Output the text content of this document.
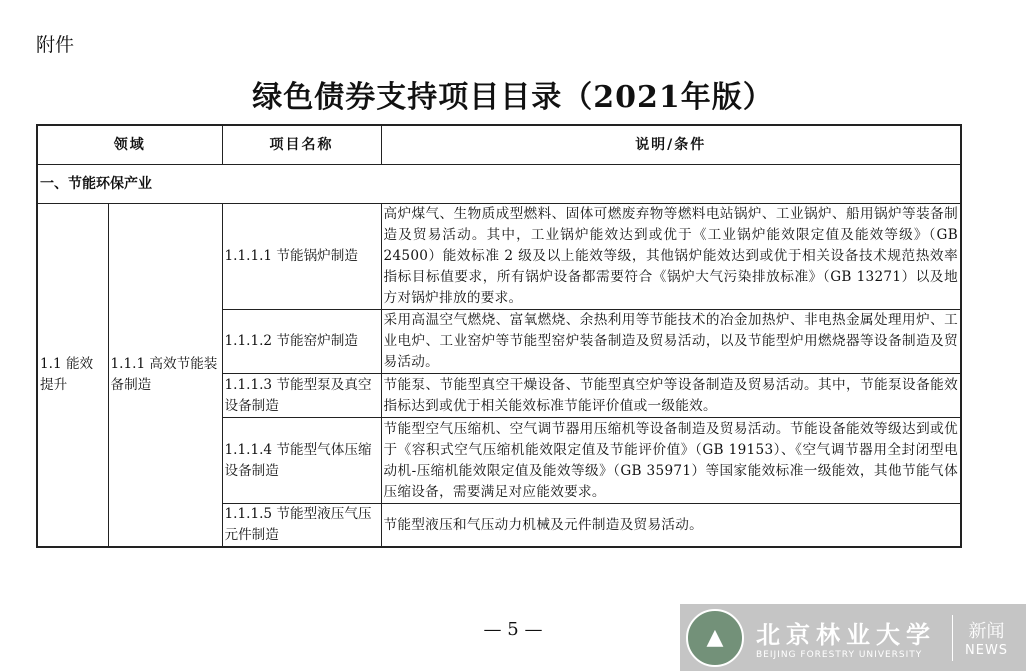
附件
绿色债券支持项目目录（2021年版）
领域		项目名称	说明/条件
一、节能环保产业			
1.1 能效提升	1.1.1 高效节能装备制造	1.1.1.1 节能锅炉制造	高炉煤气、生物质成型燃料、固体可燃废弃物等燃料电站锅炉、工业锅炉、船用锅炉等装备制造及贸易活动。其中，工业锅炉能效达到或优于《工业锅炉能效限定值及能效等级》（GB 24500）能效标准 2 级及以上能效等级，其他锅炉能效达到或优于相关设备技术规范热效率指标目标值要求，所有锅炉设备都需要符合《锅炉大气污染排放标准》（GB 13271）以及地方对锅炉排放的要求。
		1.1.1.2 节能窑炉制造	采用高温空气燃烧、富氧燃烧、余热利用等节能技术的冶金加热炉、非电热金属处理用炉、工业电炉、工业窑炉等节能型窑炉装备制造及贸易活动，以及节能型炉用燃烧器等设备制造及贸易活动。
		1.1.1.3 节能型泵及真空设备制造	节能泵、节能型真空干燥设备、节能型真空炉等设备制造及贸易活动。其中，节能泵设备能效指标达到或优于相关能效标准节能评价值或一级能效。
		1.1.1.4 节能型气体压缩设备制造	节能型空气压缩机、空气调节器用压缩机等设备制造及贸易活动。节能设备能效等级达到或优于《容积式空气压缩机能效限定值及节能评价值》（GB 19153）、《空气调节器用全封闭型电动机-压缩机能效限定值及能效等级》（GB 35971）等国家能效标准一级能效，其他节能气体压缩设备，需要满足对应能效要求。
		1.1.1.5 节能型液压气压元件制造	节能型液压和气压动力机械及元件制造及贸易活动。
— 5 —	▲	北京林业大学
BEIJING FORESTRY UNIVERSITY
新闻
NEWS
